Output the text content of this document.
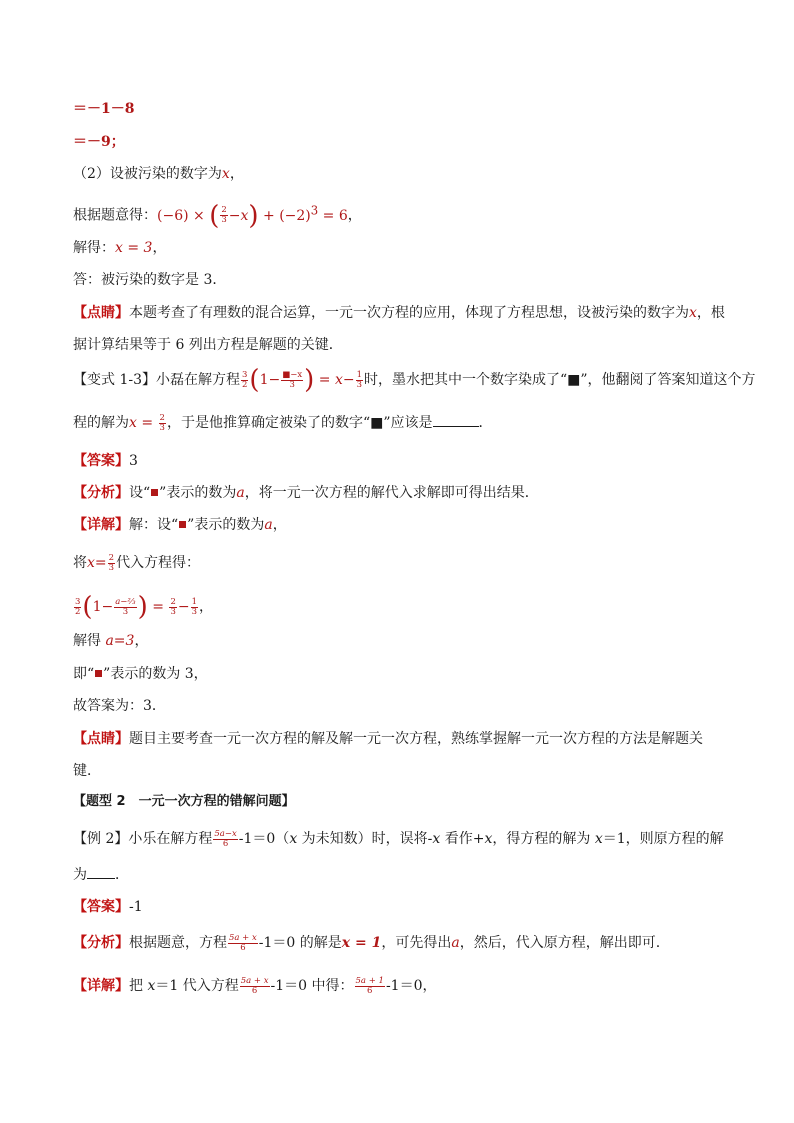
＝－1－8
＝－9；
（2）设被污染的数字为x，
根据题意得：(−6) × ( $\frac{2}{3} -x) + (-2)^3 = 6$，
解得：x = 3，
答：被污染的数字是 3．
【点睛】本题考查了有理数的混合运算，一元一次方程的应用，体现了方程思想，设被污染的数字为x，根
据计算结果等于 6 列出方程是解题的关键．
【变式 1-3】小磊在解方程 $\frac{3}{2} (1- \frac{■-x}{3}$ ) = $x- \frac{1}{3}$ 时，墨水把其中一个数字染成了“■”，他翻阅了答案知道这个方
程的解为$x = \frac{2}{3}$ ，于是他推算确定被染了的数字“■”应该是	．
【答案】3
【分析】设“ ”表示的数为a，将一元一次方程的解代入求解即可得出结果．
【详解】解：设“ ”表示的数为a，
将$x= \frac{2}{3}$ 代入方程得：
$\frac{3}{2} (1- \frac{\text{a−⅔}}{3}$ ) = $\frac{2}{3} - \frac{1}{3}$ ，
解得 a=3，
即“ ”表示的数为 3，
故答案为：3．
【点睛】题目主要考查一元一次方程的解及解一元一次方程，熟练掌握解一元一次方程的方法是解题关
键．
【题型 2　一元一次方程的错解问题】
【例 2】小乐在解方程 $\frac{5a-x}{6} -1=0(x$ 为未知数）时，误将-x 看作+x，得方程的解为 x＝1，则原方程的解
为 ．
【答案】-1
【分析】根据题意，方程 $\frac{5a + x}{6} -1=0$ 的解是x = 1，可先得出a，然后，代入原方程，解出即可.
【详解】把 x＝1 代入方程 $\frac{5a + x}{6} -1=0$ 中得： $\frac{5a + 1}{6} -1=0$，
